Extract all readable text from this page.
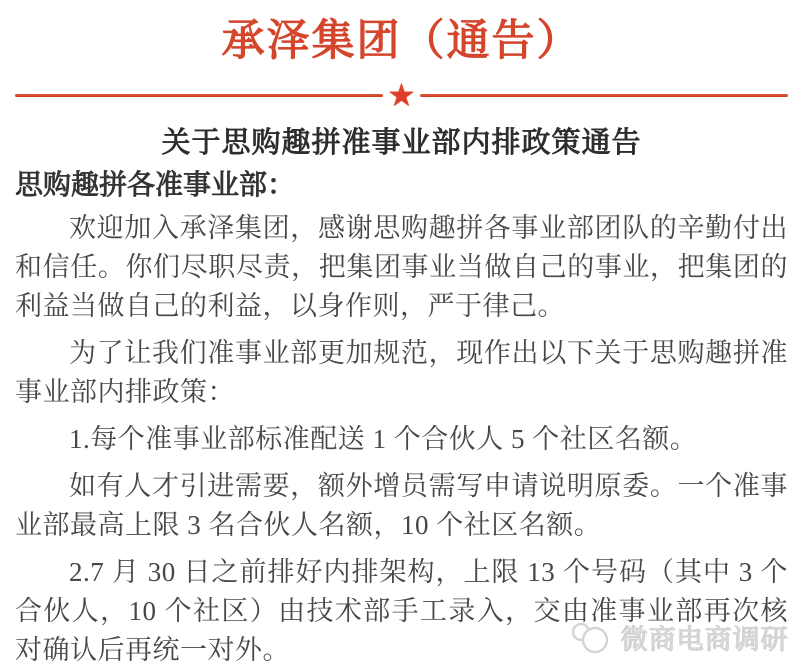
承泽集团（通告）
★
关于思购趣拼准事业部内排政策通告
思购趣拼各准事业部：

欢迎加入承泽集团，感谢思购趣拼各事业部团队的辛勤付出和信任。你们尽职尽责，把集团事业当做自己的事业，把集团的利益当做自己的利益，以身作则，严于律己。

为了让我们准事业部更加规范，现作出以下关于思购趣拼准事业部内排政策：

1.每个准事业部标准配送 1 个合伙人 5 个社区名额。

如有人才引进需要，额外增员需写申请说明原委。一个准事业部最高上限 3 名合伙人名额，10 个社区名额。

2.7 月 30 日之前排好内排架构，上限 13 个号码（其中 3 个合伙人，10 个社区）由技术部手工录入，交由准事业部再次核对确认后再统一对外。	微商电商调研
